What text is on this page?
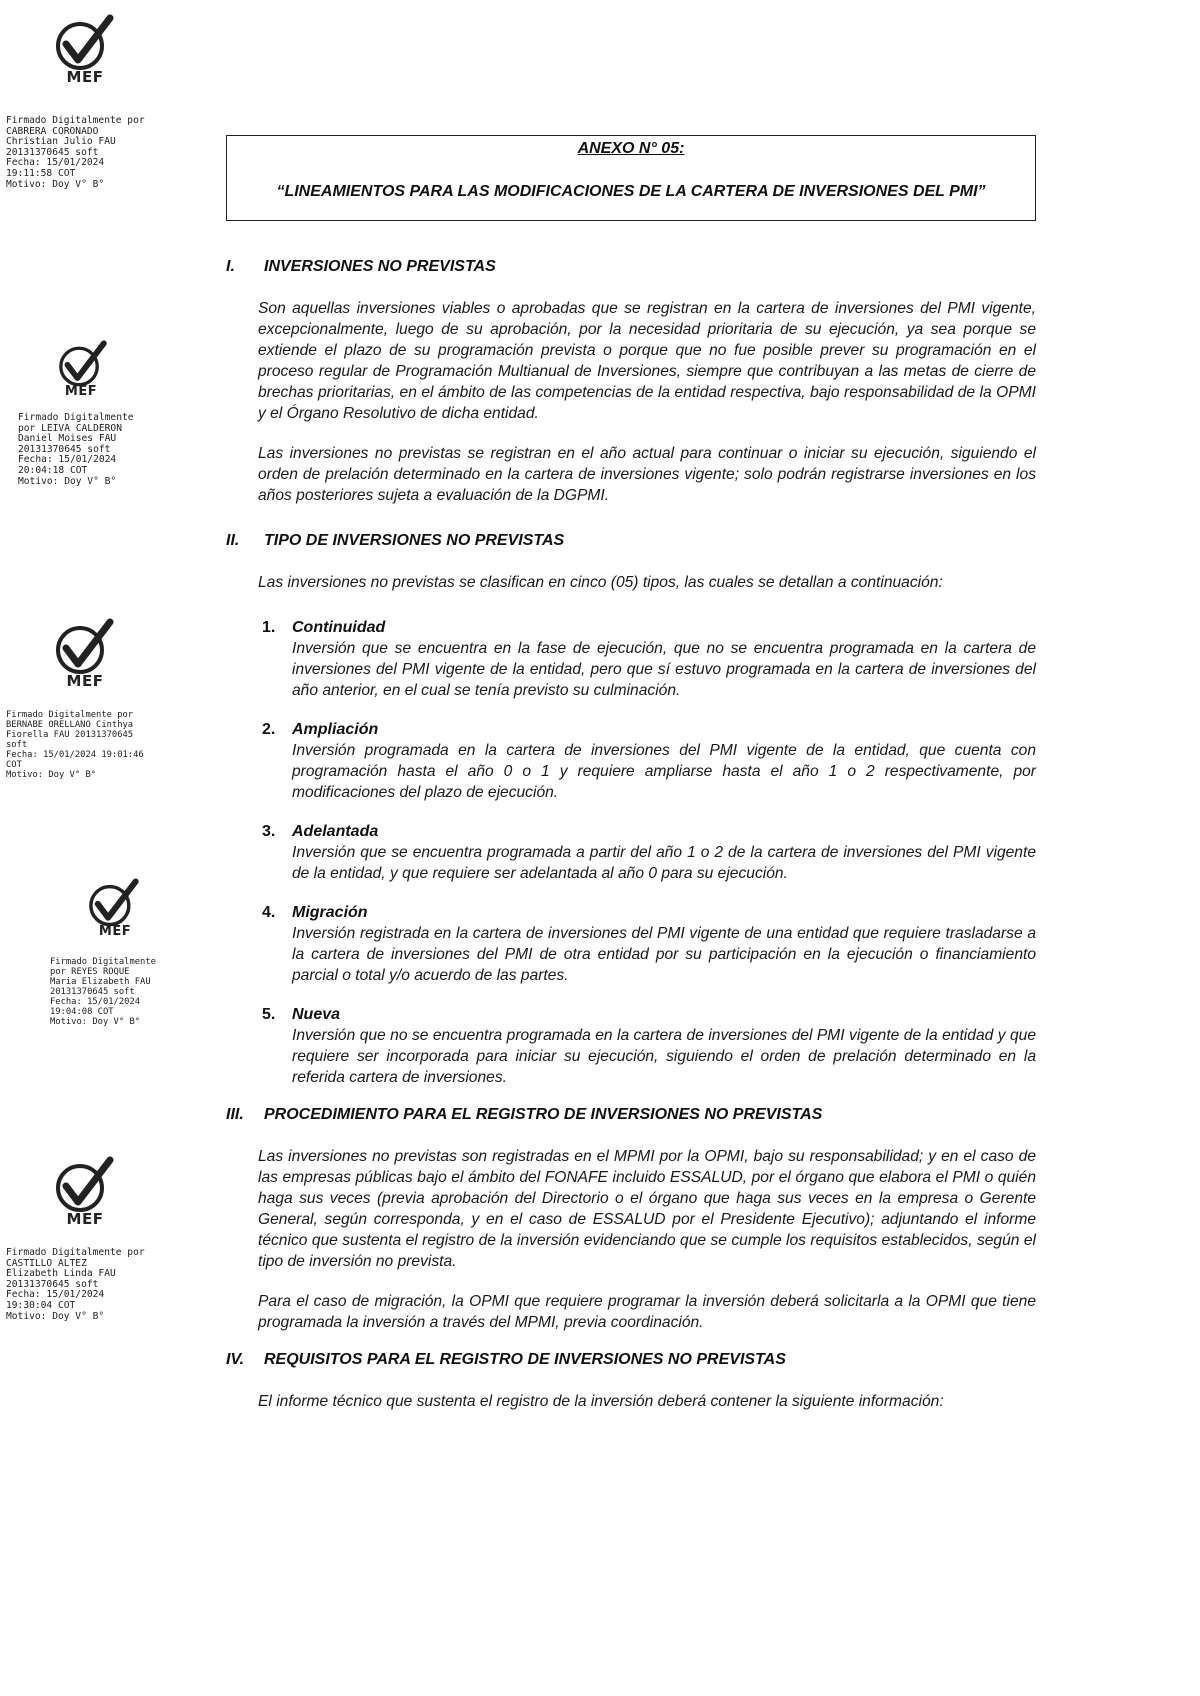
MEF
Firmado Digitalmente por
CABRERA CORONADO
Christian Julio FAU
20131370645 soft
Fecha: 15/01/2024
19:11:58 COT
Motivo: Doy V° B°
MEF
Firmado Digitalmente
por LEIVA CALDERON
Daniel Moises FAU
20131370645 soft
Fecha: 15/01/2024
20:04:18 COT
Motivo: Doy V° B°
MEF
Firmado Digitalmente por
BERNABE ORELLANO Cinthya
Fiorella FAU 20131370645
soft
Fecha: 15/01/2024 19:01:46
COT
Motivo: Doy V° B°
MEF
Firmado Digitalmente
por REYES ROQUE
Maria Elizabeth FAU
20131370645 soft
Fecha: 15/01/2024
19:04:08 COT
Motivo: Doy V° B°
MEF
Firmado Digitalmente por
CASTILLO ALTEZ
Elizabeth Linda FAU
20131370645 soft
Fecha: 15/01/2024
19:30:04 COT
Motivo: Doy V° B°
ANEXO N° 05:
“LINEAMIENTOS PARA LAS MODIFICACIONES DE LA CARTERA DE INVERSIONES DEL PMI”
I.	INVERSIONES NO PREVISTAS

Son aquellas inversiones viables o aprobadas que se registran en la cartera de inversiones del PMI vigente, excepcionalmente, luego de su aprobación, por la necesidad prioritaria de su ejecución, ya sea porque se extiende el plazo de su programación prevista o porque que no fue posible prever su programación en el proceso regular de Programación Multianual de Inversiones, siempre que contribuyan a las metas de cierre de brechas prioritarias, en el ámbito de las competencias de la entidad respectiva, bajo responsabilidad de la OPMI y el Órgano Resolutivo de dicha entidad.

Las inversiones no previstas se registran en el año actual para continuar o iniciar su ejecución, siguiendo el orden de prelación determinado en la cartera de inversiones vigente; solo podrán registrarse inversiones en los años posteriores sujeta a evaluación de la DGPMI.

II.	TIPO DE INVERSIONES NO PREVISTAS

Las inversiones no previstas se clasifican en cinco (05) tipos, las cuales se detallan a continuación:

1.	Continuidad
Inversión que se encuentra en la fase de ejecución, que no se encuentra programada en la cartera de inversiones del PMI vigente de la entidad, pero que sí estuvo programada en la cartera de inversiones del año anterior, en el cual se tenía previsto su culminación.
2.	Ampliación
Inversión programada en la cartera de inversiones del PMI vigente de la entidad, que cuenta con programación hasta el año 0 o 1 y requiere ampliarse hasta el año 1 o 2 respectivamente, por modificaciones del plazo de ejecución.
3.	Adelantada
Inversión que se encuentra programada a partir del año 1 o 2 de la cartera de inversiones del PMI vigente de la entidad, y que requiere ser adelantada al año 0 para su ejecución.
4.	Migración
Inversión registrada en la cartera de inversiones del PMI vigente de una entidad que requiere trasladarse a la cartera de inversiones del PMI de otra entidad por su participación en la ejecución o financiamiento parcial o total y/o acuerdo de las partes.
5.	Nueva
Inversión que no se encuentra programada en la cartera de inversiones del PMI vigente de la entidad y que requiere ser incorporada para iniciar su ejecución, siguiendo el orden de prelación determinado en la referida cartera de inversiones.
III.	PROCEDIMIENTO PARA EL REGISTRO DE INVERSIONES NO PREVISTAS

Las inversiones no previstas son registradas en el MPMI por la OPMI, bajo su responsabilidad; y en el caso de las empresas públicas bajo el ámbito del FONAFE incluido ESSALUD, por el órgano que elabora el PMI o quién haga sus veces (previa aprobación del Directorio o el órgano que haga sus veces en la empresa o Gerente General, según corresponda, y en el caso de ESSALUD por el Presidente Ejecutivo); adjuntando el informe técnico que sustenta el registro de la inversión evidenciando que se cumple los requisitos establecidos, según el tipo de inversión no prevista.

Para el caso de migración, la OPMI que requiere programar la inversión deberá solicitarla a la OPMI que tiene programada la inversión a través del MPMI, previa coordinación.

IV.	REQUISITOS PARA EL REGISTRO DE INVERSIONES NO PREVISTAS

El informe técnico que sustenta el registro de la inversión deberá contener la siguiente información:
